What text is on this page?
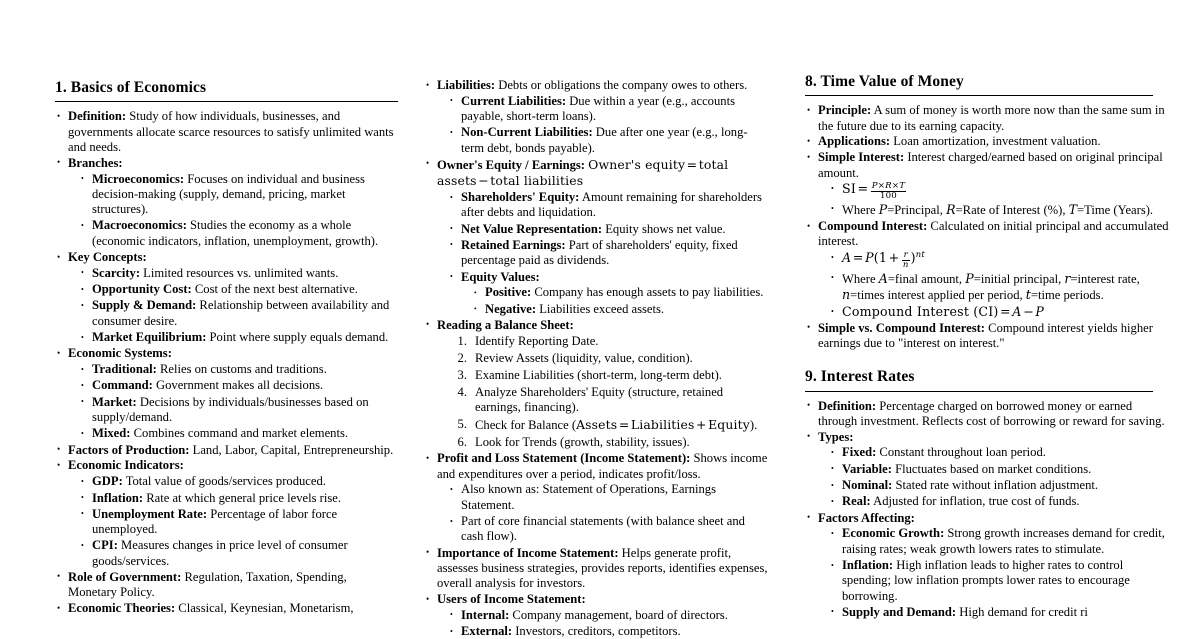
1. Basics of Economics
• Definition: Study of how individuals, businesses, and governments allocate scarce resources to satisfy unlimited wants and needs.
• Branches:
• Microeconomics: Focuses on individual and business decision-making (supply, demand, pricing, market structures).
• Macroeconomics: Studies the economy as a whole (economic indicators, inflation, unemployment, growth).
• Key Concepts:
• Scarcity: Limited resources vs. unlimited wants.
• Opportunity Cost: Cost of the next best alternative.
• Supply & Demand: Relationship between availability and consumer desire.
• Market Equilibrium: Point where supply equals demand.
• Economic Systems:
• Traditional: Relies on customs and traditions.
• Command: Government makes all decisions.
• Market: Decisions by individuals/businesses based on supply/demand.
• Mixed: Combines command and market elements.
• Factors of Production: Land, Labor, Capital, Entrepreneurship.
• Economic Indicators:
• GDP: Total value of goods/services produced.
• Inflation: Rate at which general price levels rise.
• Unemployment Rate: Percentage of labor force unemployed.
• CPI: Measures changes in price level of consumer goods/services.
• Role of Government: Regulation, Taxation, Spending, Monetary Policy.
• Economic Theories: Classical, Keynesian, Monetarism,
• Liabilities: Debts or obligations the company owes to others.
• Current Liabilities: Due within a year (e.g., accounts payable, short-term loans).
• Non-Current Liabilities: Due after one year (e.g., long-term debt, bonds payable).
• Owner's Equity / Earnings: Owner's equity = total assets − total liabilities
• Shareholders' Equity: Amount remaining for shareholders after debts and liquidation.
• Net Value Representation: Equity shows net value.
• Retained Earnings: Part of shareholders' equity, fixed percentage paid as dividends.
• Equity Values:
• Positive: Company has enough assets to pay liabilities.
• Negative: Liabilities exceed assets.
• Reading a Balance Sheet:
Identify Reporting Date.
Review Assets (liquidity, value, condition).
Examine Liabilities (short-term, long-term debt).
Analyze Shareholders' Equity (structure, retained earnings, financing).
Check for Balance (Assets = Liabilities + Equity).
Look for Trends (growth, stability, issues).
• Profit and Loss Statement (Income Statement): Shows income and expenditures over a period, indicates profit/loss.
• Also known as: Statement of Operations, Earnings Statement.
• Part of core financial statements (with balance sheet and cash flow).
• Importance of Income Statement: Helps generate profit, assesses business strategies, provides reports, identifies expenses, overall analysis for investors.
• Users of Income Statement:
• Internal: Company management, board of directors.
• External: Investors, creditors, competitors.
8. Time Value of Money
• Principle: A sum of money is worth more now than the same sum in the future due to its earning capacity.
• Applications: Loan amortization, investment valuation.
• Simple Interest: Interest charged/earned based on original principal amount.
• SI = $\frac{P\times R\times T}{100}$
• Where P=Principal, R=Rate of Interest (%), T=Time (Years).
• Compound Interest: Calculated on initial principal and accumulated interest.
• $A = P(1 + \frac{r}{n} )^{nt}$
• Where A=final amount, P=initial principal, r=interest rate, n=times interest applied per period, t=time periods.
• Compound Interest (CI) = A − P
• Simple vs. Compound Interest: Compound interest yields higher earnings due to "interest on interest."
9. Interest Rates
• Definition: Percentage charged on borrowed money or earned through investment. Reflects cost of borrowing or reward for saving.
• Types:
• Fixed: Constant throughout loan period.
• Variable: Fluctuates based on market conditions.
• Nominal: Stated rate without inflation adjustment.
• Real: Adjusted for inflation, true cost of funds.
• Factors Affecting:
• Economic Growth: Strong growth increases demand for credit, raising rates; weak growth lowers rates to stimulate.
• Inflation: High inflation leads to higher rates to control spending; low inflation prompts lower rates to encourage borrowing.
• Supply and Demand: High demand for credit ri
